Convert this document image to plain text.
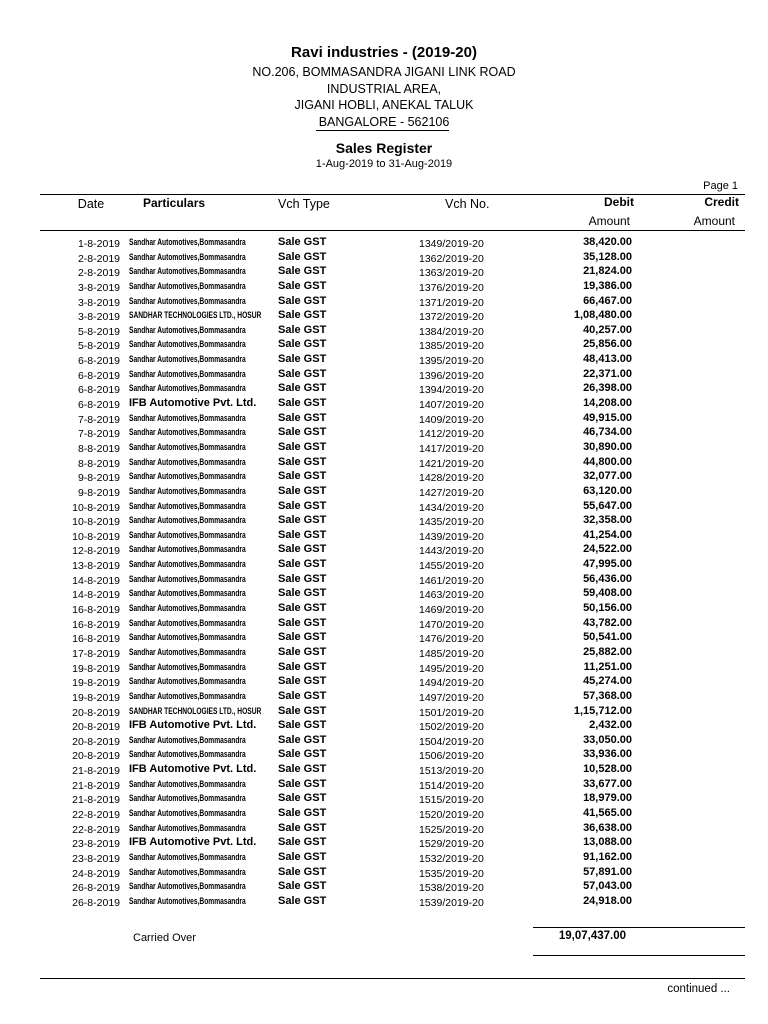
Ravi industries - (2019-20)
NO.206, BOMMASANDRA JIGANI LINK ROAD
INDUSTRIAL AREA,
JIGANI HOBLI, ANEKAL TALUK
BANGALORE - 562106
Sales Register
1-Aug-2019 to 31-Aug-2019
Page 1
Date	Particulars	Vch Type	Vch No.	Debit	Credit
Amount	Amount
1-8-2019 Sandhar Automotives,Bommasandra	Sale GST	1349/2019-20	38,420.00
2-8-2019 Sandhar Automotives,Bommasandra	Sale GST	1362/2019-20	35,128.00
2-8-2019 Sandhar Automotives,Bommasandra	Sale GST	1363/2019-20	21,824.00
3-8-2019 Sandhar Automotives,Bommasandra	Sale GST	1376/2019-20	19,386.00
3-8-2019 Sandhar Automotives,Bommasandra	Sale GST	1371/2019-20	66,467.00
3-8-2019 SANDHAR TECHNOLOGIES LTD., HOSUR Sale GST	1372/2019-20	1,08,480.00
5-8-2019 Sandhar Automotives,Bommasandra	Sale GST	1384/2019-20	40,257.00
5-8-2019 Sandhar Automotives,Bommasandra	Sale GST	1385/2019-20	25,856.00
6-8-2019 Sandhar Automotives,Bommasandra	Sale GST	1395/2019-20	48,413.00
6-8-2019 Sandhar Automotives,Bommasandra	Sale GST	1396/2019-20	22,371.00
6-8-2019 Sandhar Automotives,Bommasandra	Sale GST	1394/2019-20	26,398.00
6-8-2019 IFB Automotive Pvt. Ltd. Sale GST	1407/2019-20	14,208.00
7-8-2019 Sandhar Automotives,Bommasandra	Sale GST	1409/2019-20	49,915.00
7-8-2019 Sandhar Automotives,Bommasandra	Sale GST	1412/2019-20	46,734.00
8-8-2019 Sandhar Automotives,Bommasandra	Sale GST	1417/2019-20	30,890.00
8-8-2019 Sandhar Automotives,Bommasandra	Sale GST	1421/2019-20	44,800.00
9-8-2019 Sandhar Automotives,Bommasandra	Sale GST	1428/2019-20	32,077.00
9-8-2019 Sandhar Automotives,Bommasandra	Sale GST	1427/2019-20	63,120.00
10-8-2019 Sandhar Automotives,Bommasandra	Sale GST	1434/2019-20	55,647.00
10-8-2019 Sandhar Automotives,Bommasandra	Sale GST	1435/2019-20	32,358.00
10-8-2019 Sandhar Automotives,Bommasandra	Sale GST	1439/2019-20	41,254.00
12-8-2019 Sandhar Automotives,Bommasandra	Sale GST	1443/2019-20	24,522.00
13-8-2019 Sandhar Automotives,Bommasandra	Sale GST	1455/2019-20	47,995.00
14-8-2019 Sandhar Automotives,Bommasandra	Sale GST	1461/2019-20	56,436.00
14-8-2019 Sandhar Automotives,Bommasandra	Sale GST	1463/2019-20	59,408.00
16-8-2019 Sandhar Automotives,Bommasandra	Sale GST	1469/2019-20	50,156.00
16-8-2019 Sandhar Automotives,Bommasandra	Sale GST	1470/2019-20	43,782.00
16-8-2019 Sandhar Automotives,Bommasandra	Sale GST	1476/2019-20	50,541.00
17-8-2019 Sandhar Automotives,Bommasandra	Sale GST	1485/2019-20	25,882.00
19-8-2019 Sandhar Automotives,Bommasandra	Sale GST	1495/2019-20	11,251.00
19-8-2019 Sandhar Automotives,Bommasandra	Sale GST	1494/2019-20	45,274.00
19-8-2019 Sandhar Automotives,Bommasandra	Sale GST	1497/2019-20	57,368.00
20-8-2019 SANDHAR TECHNOLOGIES LTD., HOSUR Sale GST	1501/2019-20	1,15,712.00
20-8-2019 IFB Automotive Pvt. Ltd. Sale GST	1502/2019-20	2,432.00
20-8-2019 Sandhar Automotives,Bommasandra	Sale GST	1504/2019-20	33,050.00
20-8-2019 Sandhar Automotives,Bommasandra	Sale GST	1506/2019-20	33,936.00
21-8-2019 IFB Automotive Pvt. Ltd. Sale GST	1513/2019-20	10,528.00
21-8-2019 Sandhar Automotives,Bommasandra	Sale GST	1514/2019-20	33,677.00
21-8-2019 Sandhar Automotives,Bommasandra	Sale GST	1515/2019-20	18,979.00
22-8-2019 Sandhar Automotives,Bommasandra	Sale GST	1520/2019-20	41,565.00
22-8-2019 Sandhar Automotives,Bommasandra	Sale GST	1525/2019-20	36,638.00
23-8-2019 IFB Automotive Pvt. Ltd. Sale GST	1529/2019-20	13,088.00
23-8-2019 Sandhar Automotives,Bommasandra	Sale GST	1532/2019-20	91,162.00
24-8-2019 Sandhar Automotives,Bommasandra	Sale GST	1535/2019-20	57,891.00
26-8-2019 Sandhar Automotives,Bommasandra	Sale GST	1538/2019-20	57,043.00
26-8-2019 Sandhar Automotives,Bommasandra	Sale GST	1539/2019-20	24,918.00
Carried Over	19,07,437.00
continued ...
